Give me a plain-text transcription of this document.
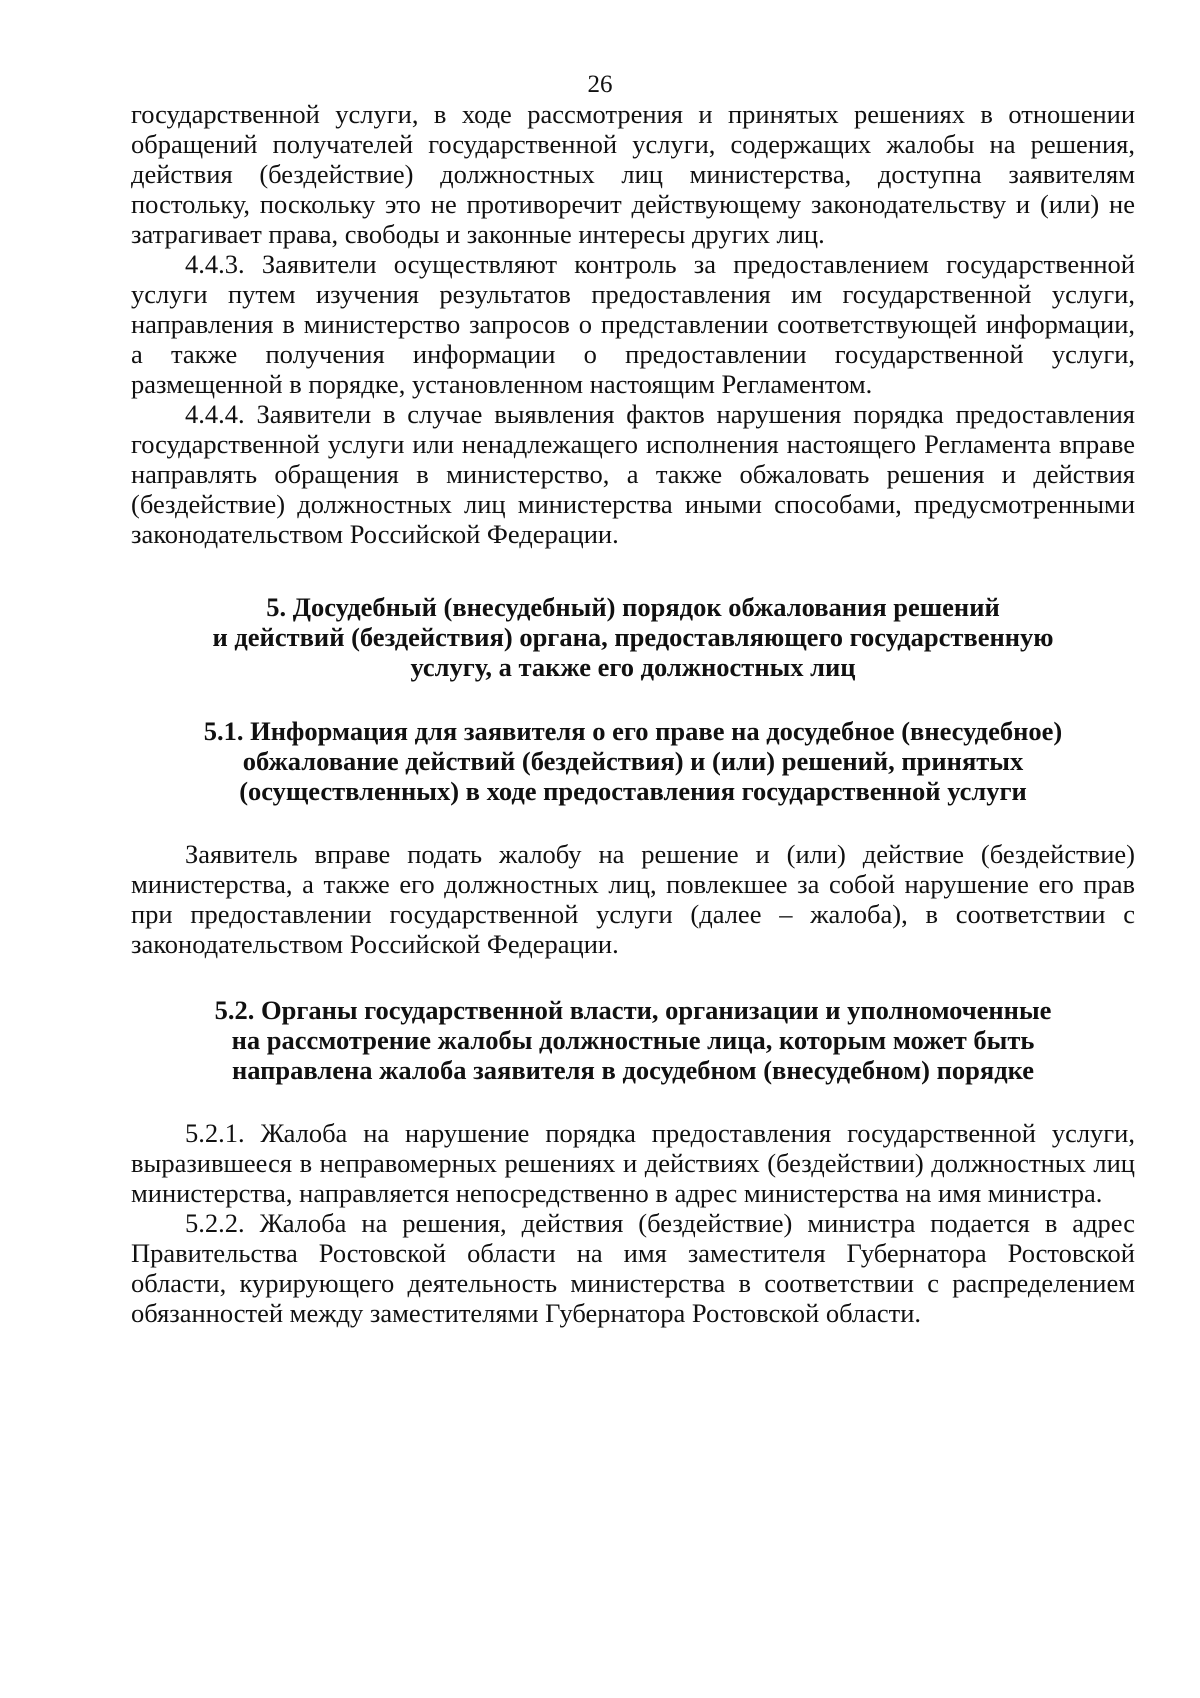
26

государственной услуги, в ходе рассмотрения и принятых решениях в отношении обращений получателей государственной услуги, содержащих жалобы на решения, действия (бездействие) должностных лиц министерства, доступна заявителям постольку, поскольку это не противоречит действующему законодательству и (или) не затрагивает права, свободы и законные интересы других лиц.

4.4.3. Заявители осуществляют контроль за предоставлением государственной услуги путем изучения результатов предоставления им государственной услуги, направления в министерство запросов о представлении соответствующей информации, а также получения информации о предоставлении государственной услуги, размещенной в порядке, установленном настоящим Регламентом.

4.4.4. Заявители в случае выявления фактов нарушения порядка предоставления государственной услуги или ненадлежащего исполнения настоящего Регламента вправе направлять обращения в министерство, а также обжаловать решения и действия (бездействие) должностных лиц министерства иными способами, предусмотренными законодательством Российской Федерации.

5. Досудебный (внесудебный) порядок обжалования решений
и действий (бездействия) органа, предоставляющего государственную
услугу, а также его должностных лиц
5.1. Информация для заявителя о его праве на досудебное (внесудебное)
обжалование действий (бездействия) и (или) решений, принятых
(осуществленных) в ходе предоставления государственной услуги

Заявитель вправе подать жалобу на решение и (или) действие (бездействие) министерства, а также его должностных лиц, повлекшее за собой нарушение его прав при предоставлении государственной услуги (далее – жалоба), в соответствии с законодательством Российской Федерации.

5.2. Органы государственной власти, организации и уполномоченные
на рассмотрение жалобы должностные лица, которым может быть
направлена жалоба заявителя в досудебном (внесудебном) порядке

5.2.1. Жалоба на нарушение порядка предоставления государственной услуги, выразившееся в неправомерных решениях и действиях (бездействии) должностных лиц министерства, направляется непосредственно в адрес министерства на имя министра.

5.2.2. Жалоба на решения, действия (бездействие) министра подается в адрес Правительства Ростовской области на имя заместителя Губернатора Ростовской области, курирующего деятельность министерства в соответствии с распределением обязанностей между заместителями Губернатора Ростовской области.
